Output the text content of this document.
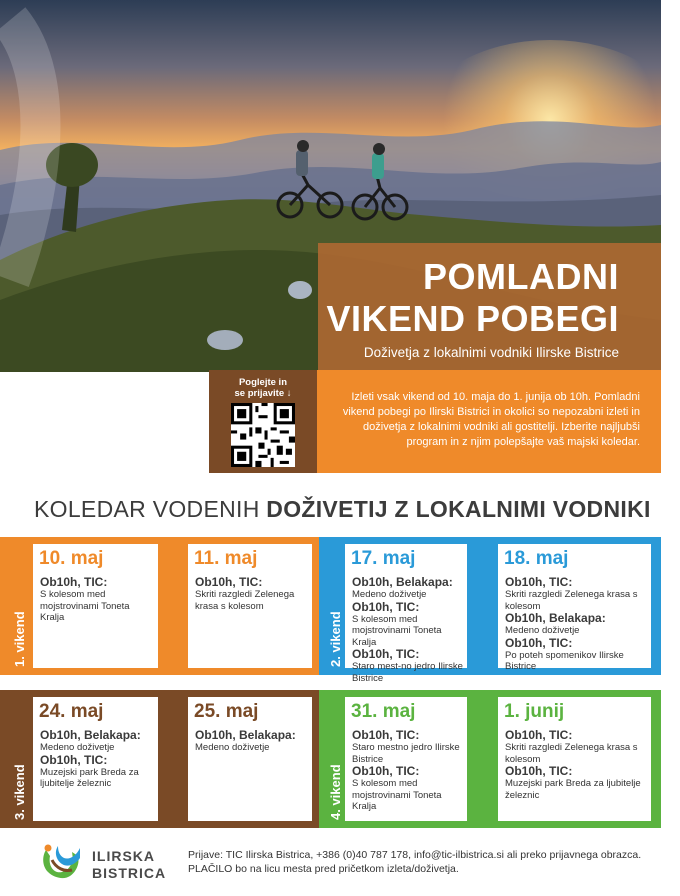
POMLADNI
VIKEND POBEGI
Doživetja z lokalnimi vodniki Ilirske Bistrice
Poglejte in
se prijavite ↓	Izleti vsak vikend od 10. maja do 1. junija ob 10h. Pomladni vikend pobegi po Ilirski Bistrici in okolici so nepozabni izleti in doživetja z lokalnimi vodniki ali gostitelji. Izberite najljubši program in z njim polepšajte vaš majski koledar.
KOLEDAR VODENIH DOŽIVETIJ Z LOKALNIMI VODNIKI
1. vikend	2. vikend
3. vikend	4. vikend
10. maj
Ob10h, TIC:
S kolesom med mojstrovinami Toneta Kralja
11. maj
Ob10h, TIC:
Skriti razgledi Zelenega krasa s kolesom
17. maj
Ob10h, Belakapa:
Medeno doživetje
Ob10h, TIC:
S kolesom med mojstrovinami Toneta Kralja
Ob10h, TIC:
Staro mest-no jedro Ilirske Bistrice
18. maj
Ob10h, TIC:
Skriti razgledi Zelenega krasa s kolesom
Ob10h, Belakapa:
Medeno doživetje
Ob10h, TIC:
Po poteh spomenikov Ilirske Bistrice
24. maj
Ob10h, Belakapa:
Medeno doživetje
Ob10h, TIC:
Muzejski park Breda za ljubitelje železnic
25. maj
Ob10h, Belakapa:
Medeno doživetje
31. maj
Ob10h, TIC:
Staro mestno jedro Ilirske Bistrice
Ob10h, TIC:
S kolesom med mojstrovinami Toneta Kralja
1. junij
Ob10h, TIC:
Skriti razgledi Zelenega krasa s kolesom
Ob10h, TIC:
Muzejski park Breda za ljubitelje železnic
ILIRSKA
BISTRICA
Prijave: TIC Ilirska Bistrica, +386 (0)40 787 178, info@tic-ilbistrica.si ali preko prijavnega obrazca.
PLAČILO bo na licu mesta pred pričetkom izleta/doživetja.
